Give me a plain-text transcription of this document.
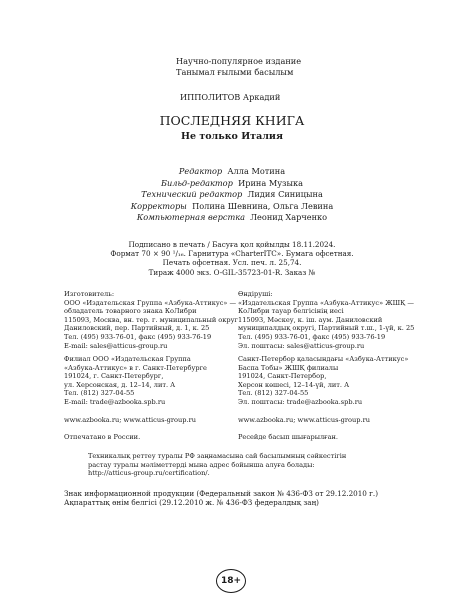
Научно-популярное издание
Танымал ғылыми басылым
ИППОЛИТОВ Аркадий
ПОСЛЕДНЯЯ КНИГА
Не только Италия
Редактор Алла Мотина
Бильд-редактор Ирина Музыка
Технический редактор Лидия Синицына
Корректоры Полина Шевнина, Ольга Левина
Компьютерная верстка Леонид Харченко
Подписано в печать / Басуға қол қойылды 18.11.2024.
Формат 70 × 90 ¹/₁₆. Гарнитура «CharterITC». Бумага офсетная.
Печать офсетная. Усл. печ. л. 25,74.
Тираж 4000 экз. O-GIL-35723-01-R. Заказ №
Изготовитель:
ООО «Издательская Группа «Азбука-Аттикус» —
обладатель товарного знака КоЛибри
115093, Москва, вн. тер. г. муниципальный округ
Даниловский, пер. Партийный, д. 1, к. 25
Тел. (495) 933-76-01, факс (495) 933-76-19
E-mail: sales@atticus-group.ru
Өндіруші:
«Издательская Группа «Азбука-Аттикус» ЖШҚ —
КоЛибри тауар белгісінің иесі
115093, Мәскеу, к. іш. аум. Даниловский
муниципалдық округі, Партийный т.ш., 1-үй, к. 25
Тел. (495) 933-76-01, факс (495) 933-76-19
Эл. поштасы: sales@atticus-group.ru
Филиал ООО «Издательская Группа
«Азбука-Аттикус» в г. Санкт-Петербурге
191024, г. Санкт-Петербург,
ул. Херсонская, д. 12–14, лит. А
Тел. (812) 327-04-55
E-mail: trade@azbooka.spb.ru
Санкт-Петербор қаласындағы «Азбука-Аттикус»
Баспа Тобы» ЖШҚ филиалы
191024, Санкт-Петербор,
Херсон көшесі, 12–14-үй, лит. А
Тел. (812) 327-04-55
Эл. поштасы: trade@azbooka.spb.ru
www.azbooka.ru; www.atticus-group.ru	www.azbooka.ru; www.atticus-group.ru
Отпечатано в России.	Ресейде басып шығарылған.
Техникалық реттеу туралы РФ заңнамасына сай басылымның сәйкестігін
растау туралы мәліметтерді мына адрес бойынша алуға болады:
http://atticus-group.ru/certification/.
Знак информационной продукции (Федеральный закон № 436-ФЗ от 29.12.2010 г.)
Ақпараттық өнім белгісі (29.12.2010 ж. № 436-ФЗ федералдық заң)
18+
